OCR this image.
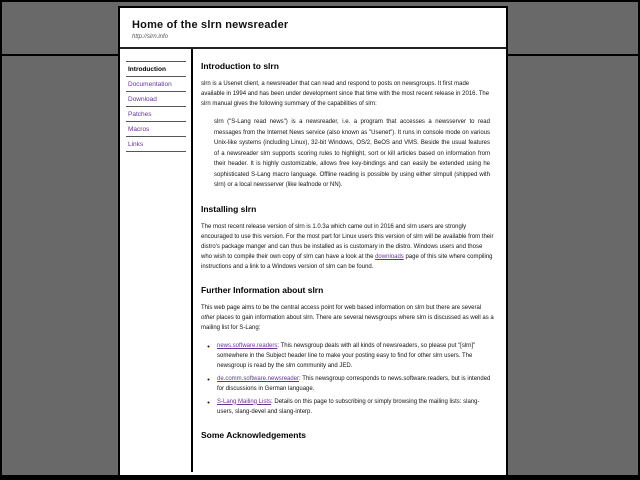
Home of the slrn newsreader
http://slrn.info
Introduction
Documentation
Download
Patches
Macros
Links
Introduction to slrn

slrn is a Usenet client, a newsreader that can read and respond to posts on newsgroups. It first made available in 1994 and has been under development since that time with the most recent release in 2016. The slrn manual gives the following summary of the capabilities of slrn:

slrn ("S-Lang read news") is a newsreader, i.e. a program that accesses a newsserver to read messages from the Internet News service (also known as "Usenet"). It runs in console mode on various Unix-like systems (including Linux), 32-bit Windows, OS/2, BeOS and VMS. Beside the usual features of a newsreader slrn supports scoring rules to highlight, sort or kill articles based on information from their header. It is highly customizable, allows free key-bindings and can easily be extended using he sophisticated S-Lang macro language. Offline reading is possible by using either slrnpull (shipped with slrn) or a local newsserver (like leafnode or NN).
Installing slrn

The most recent release version of slrn is 1.0.3a which came out in 2016 and slrn users are strongly encouraged to use this version. For the most part for Linux users this version of slrn will be available from their distro's package manger and can thus be installed as is customary in the distro. Windows users and those who wish to compile their own copy of slrn can have a look at the downloads page of this site where compiling instructions and a link to a Windows version of slrn can be found.

Further Information about slrn

This web page aims to be the central access point for web based information on slrn but there are several other places to gain information about slrn. There are several newsgroups where slrn is discussed as well as a mailing list for S-Lang:

◦ news.software.readers: This newsgroup deals with all kinds of newsreaders, so please put "[slrn]" somewhere in the Subject header line to make your posting easy to find for other slrn users. The newsgroup is read by the slrn community and JED.
◦ de.comm.software.newsreader: This newsgroup corresponds to news.software.readers, but is intended for discussions in German language.
◦ S-Lang Mailing Lists: Details on this page to subscribing or simply browsing the mailing lists: slang-users, slang-devel and slang-interp.
Some Acknowledgements
